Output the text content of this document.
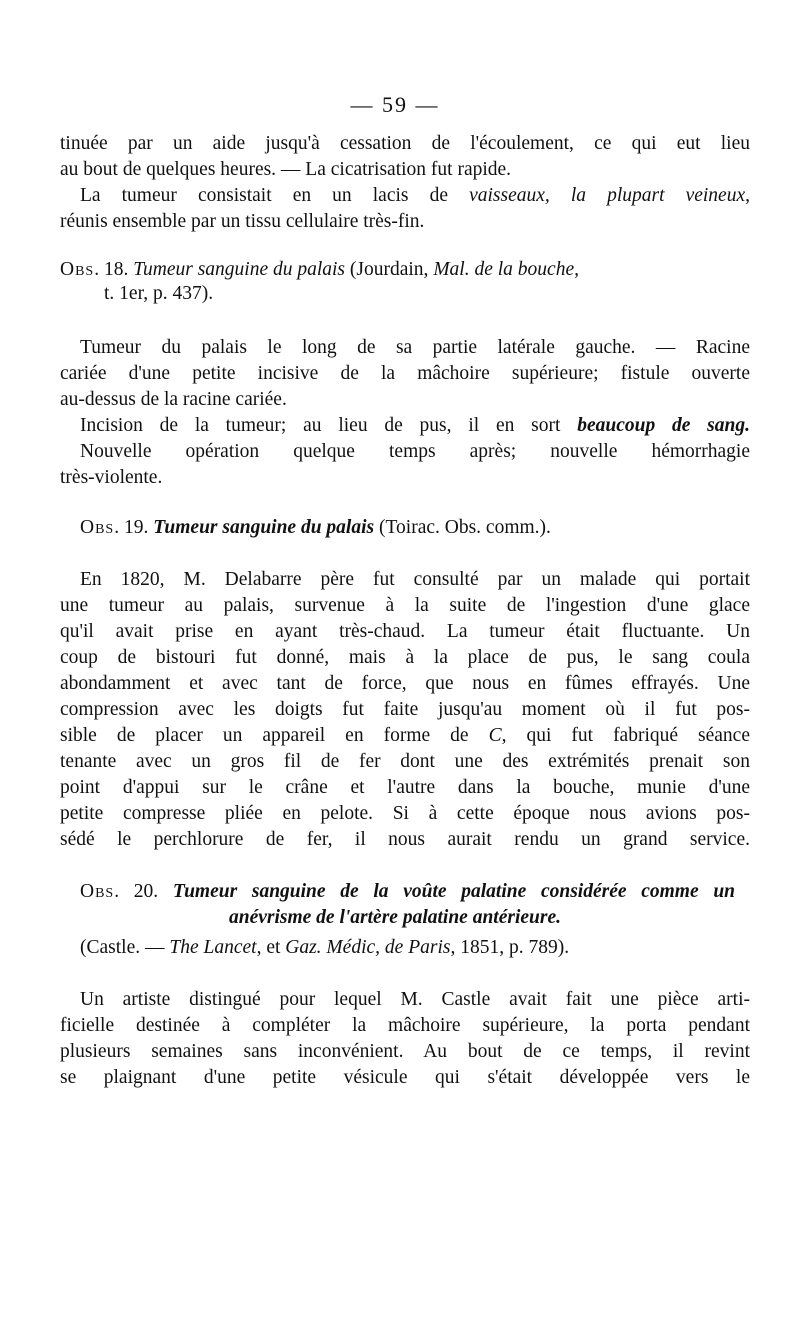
— 59 —
tinuée par un aide jusqu'à cessation de l'écoulement, ce qui eut lieu
au bout de quelques heures. — La cicatrisation fut rapide.
La tumeur consistait en un lacis de vaisseaux, la plupart veineux,
réunis ensemble par un tissu cellulaire très-fin.
Obs. 18. Tumeur sanguine du palais (Jourdain, Mal. de la bouche,
t. 1er, p. 437).
Tumeur du palais le long de sa partie latérale gauche. — Racine
cariée d'une petite incisive de la mâchoire supérieure; fistule ouverte
au-dessus de la racine cariée.
Incision de la tumeur; au lieu de pus, il en sort beaucoup de sang.
Nouvelle opération quelque temps après; nouvelle hémorrhagie
très-violente.
Obs. 19. Tumeur sanguine du palais (Toirac. Obs. comm.).
En 1820, M. Delabarre père fut consulté par un malade qui portait
une tumeur au palais, survenue à la suite de l'ingestion d'une glace
qu'il avait prise en ayant très-chaud. La tumeur était fluctuante. Un
coup de bistouri fut donné, mais à la place de pus, le sang coula
abondamment et avec tant de force, que nous en fûmes effrayés. Une
compression avec les doigts fut faite jusqu'au moment où il fut pos-
sible de placer un appareil en forme de C, qui fut fabriqué séance
tenante avec un gros fil de fer dont une des extrémités prenait son
point d'appui sur le crâne et l'autre dans la bouche, munie d'une
petite compresse pliée en pelote. Si à cette époque nous avions pos-
sédé le perchlorure de fer, il nous aurait rendu un grand service.
Obs. 20. Tumeur sanguine de la voûte palatine considérée comme un
anévrisme de l'artère palatine antérieure.
(Castle. — The Lancet, et Gaz. Médic, de Paris, 1851, p. 789).
Un artiste distingué pour lequel M. Castle avait fait une pièce arti-
ficielle destinée à compléter la mâchoire supérieure, la porta pendant
plusieurs semaines sans inconvénient. Au bout de ce temps, il revint
se plaignant d'une petite vésicule qui s'était développée vers le
